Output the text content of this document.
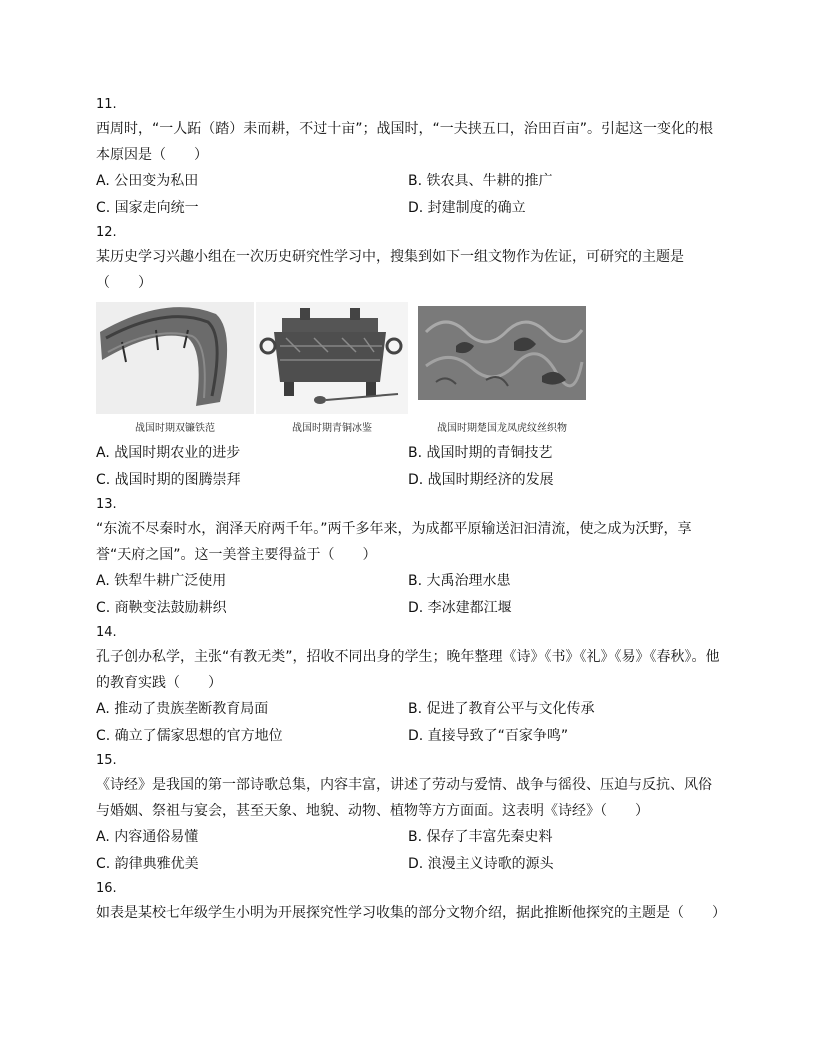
11.
西周时，“一人跖（踏）耒而耕，不过十亩”；战国时，“一夫挟五口，治田百亩”。引起这一变化的根本原因是（　　）
A. 公田变为私田	B. 铁农具、牛耕的推广
C. 国家走向统一	D. 封建制度的确立
12.
某历史学习兴趣小组在一次历史研究性学习中，搜集到如下一组文物作为佐证，可研究的主题是（　　）
战国时期双镰铁范	战国时期青铜冰鉴	战国时期楚国龙凤虎纹丝织物
A. 战国时期农业的进步	B. 战国时期的青铜技艺
C. 战国时期的图腾崇拜	D. 战国时期经济的发展
13.
“东流不尽秦时水，润泽天府两千年。”两千多年来，为成都平原输送汩汩清流，使之成为沃野，享誉“天府之国”。这一美誉主要得益于（　　）
A. 铁犁牛耕广泛使用	B. 大禹治理水患
C. 商鞅变法鼓励耕织	D. 李冰建都江堰
14.
孔子创办私学，主张“有教无类”，招收不同出身的学生；晚年整理《诗》《书》《礼》《易》《春秋》。他的教育实践（　　）
A. 推动了贵族垄断教育局面	B. 促进了教育公平与文化传承
C. 确立了儒家思想的官方地位	D. 直接导致了“百家争鸣”
15.
《诗经》是我国的第一部诗歌总集，内容丰富，讲述了劳动与爱情、战争与徭役、压迫与反抗、风俗与婚姻、祭祖与宴会，甚至天象、地貌、动物、植物等方方面面。这表明《诗经》（　　）
A. 内容通俗易懂	B. 保存了丰富先秦史料
C. 韵律典雅优美	D. 浪漫主义诗歌的源头
16.
如表是某校七年级学生小明为开展探究性学习收集的部分文物介绍，据此推断他探究的主题是（　　）
